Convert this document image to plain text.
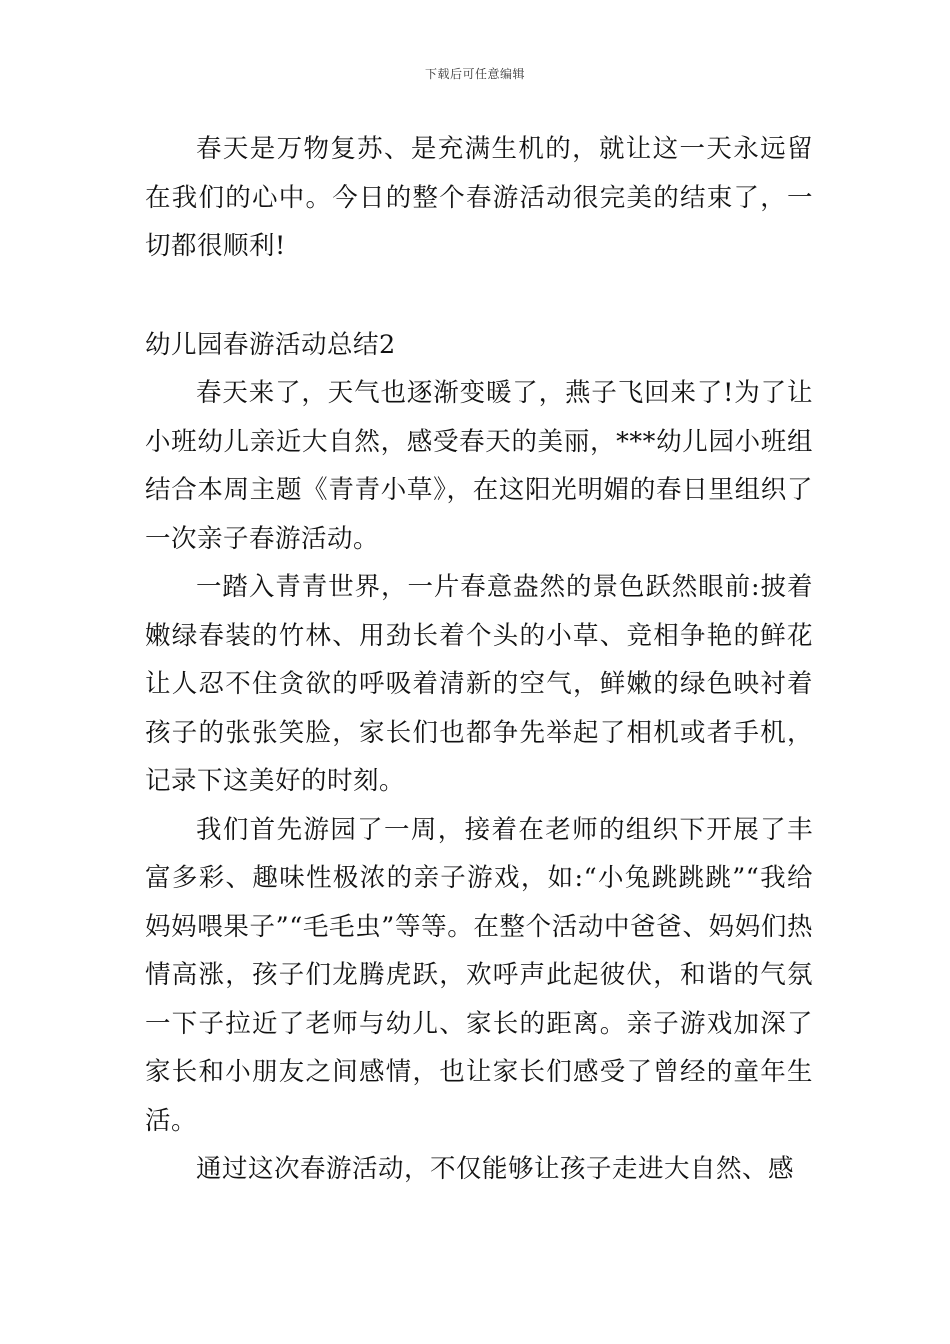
下载后可任意编辑

春天是万物复苏、是充满生机的，就让这一天永远留在我们的心中。今日的整个春游活动很完美的结束了，一切都很顺利!

幼儿园春游活动总结2

春天来了，天气也逐渐变暖了，燕子飞回来了!为了让小班幼儿亲近大自然，感受春天的美丽，***幼儿园小班组结合本周主题《青青小草》，在这阳光明媚的春日里组织了一次亲子春游活动。

一踏入青青世界，一片春意盎然的景色跃然眼前:披着嫩绿春装的竹林、用劲长着个头的小草、竞相争艳的鲜花让人忍不住贪欲的呼吸着清新的空气，鲜嫩的绿色映衬着孩子的张张笑脸，家长们也都争先举起了相机或者手机，记录下这美好的时刻。

我们首先游园了一周，接着在老师的组织下开展了丰富多彩、趣味性极浓的亲子游戏，如:“小兔跳跳跳”“我给妈妈喂果子”“毛毛虫”等等。在整个活动中爸爸、妈妈们热情高涨，孩子们龙腾虎跃，欢呼声此起彼伏，和谐的气氛一下子拉近了老师与幼儿、家长的距离。亲子游戏加深了家长和小朋友之间感情，也让家长们感受了曾经的童年生活。

通过这次春游活动，不仅能够让孩子走进大自然、感
